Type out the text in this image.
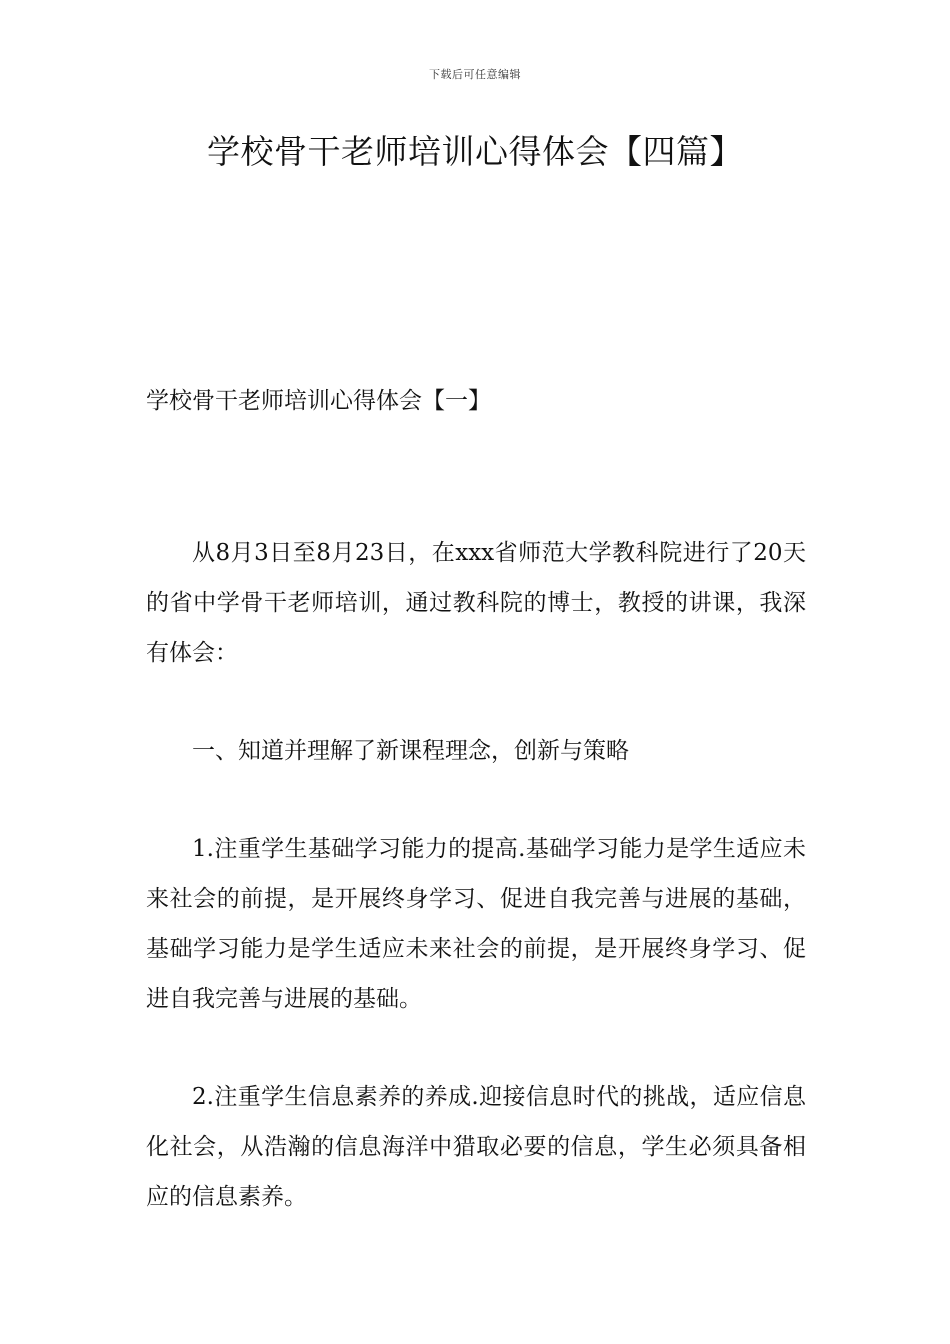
下载后可任意编辑
学校骨干老师培训心得体会【四篇】
学校骨干老师培训心得体会【一】

从8月3日至8月23日，在xxx省师范大学教科院进行了20天的省中学骨干老师培训，通过教科院的博士，教授的讲课，我深有体会：

一、知道并理解了新课程理念，创新与策略

1.注重学生基础学习能力的提高.基础学习能力是学生适应未来社会的前提，是开展终身学习、促进自我完善与进展的基础，基础学习能力是学生适应未来社会的前提，是开展终身学习、促进自我完善与进展的基础。

2.注重学生信息素养的养成.迎接信息时代的挑战，适应信息化社会，从浩瀚的信息海洋中猎取必要的信息，学生必须具备相应的信息素养。
